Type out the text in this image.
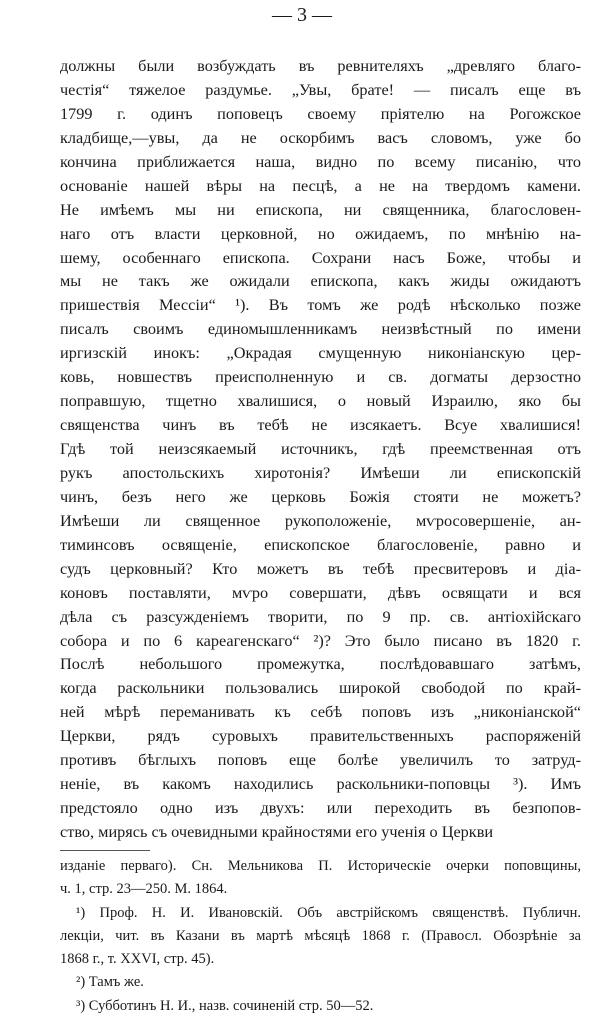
— 3 —
должны были возбуждать въ ревнителяхъ „древляго благо-
честія“ тяжелое раздумье. „Увы, брате! — писалъ еще въ
1799 г. одинъ поповецъ своему пріятелю на Рогожское
кладбище,—увы, да не оскорбимъ васъ словомъ, уже бо
кончина приближается наша, видно по всему писанію, что
основаніе нашей вѣры на песцѣ, а не на твердомъ камени.
Не имѣемъ мы ни епископа, ни священника, благословен-
наго отъ власти церковной, но ожидаемъ, по мнѣнію на-
шему, особеннаго епископа. Сохрани насъ Боже, чтобы и
мы не такъ же ожидали епископа, какъ жиды ожидаютъ
пришествія Мессіи“ ¹). Въ томъ же родѣ нѣсколько позже
писалъ своимъ единомышленникамъ неизвѣстный по имени
иргизскій инокъ: „Окрадая смущенную никоніанскую цер-
ковь, новшествъ преисполненную и св. догматы дерзостно
поправшую, тщетно хвалишися, о новый Израилю, яко бы
священства чинъ въ тебѣ не изсякаетъ. Всуе хвалишися!
Гдѣ той неизсякаемый источникъ, гдѣ преемственная отъ
рукъ апостольскихъ хиротонія? Имѣеши ли епископскій
чинъ, безъ него же церковь Божія стояти не можетъ?
Имѣеши ли священное рукоположеніе, мѵросовершеніе, ан-
тиминсовъ освященіе, епископское благословеніе, равно и
судъ церковный? Кто можетъ въ тебѣ пресвитеровъ и діа-
коновъ поставляти, мѵро совершати, дѣвъ освящати и вся
дѣла съ разсужденіемъ творити, по 9 пр. св. антіохійскаго
собора и по 6 кареагенскаго“ ²)? Это было писано въ 1820 г.
Послѣ небольшого промежутка, послѣдовавшаго затѣмъ,
когда раскольники пользовались широкой свободой по край-
ней мѣрѣ переманивать къ себѣ поповъ изъ „никоніанской“
Церкви, рядъ суровыхъ правительственныхъ распоряженій
противъ бѣглыхъ поповъ еще болѣе увеличилъ то затруд-
неніе, въ какомъ находились раскольники-поповцы ³). Имъ
предстояло одно изъ двухъ: или переходить въ безпопов-
ство, мирясь съ очевидными крайностями его ученія о Церкви
изданіе перваго). Сн. Мельникова П. Историческіе очерки поповщины,
ч. 1, стр. 23—250. М. 1864.
¹) Проф. Н. И. Ивановскій. Объ австрійскомъ священствѣ. Публичн.
лекціи, чит. въ Казани въ мартѣ мѣсяцѣ 1868 г. (Правосл. Обозрѣніе за
1868 г., т. XXVI, стр. 45).
²) Тамъ же.
³) Субботинъ Н. И., назв. сочиненій стр. 50—52.
